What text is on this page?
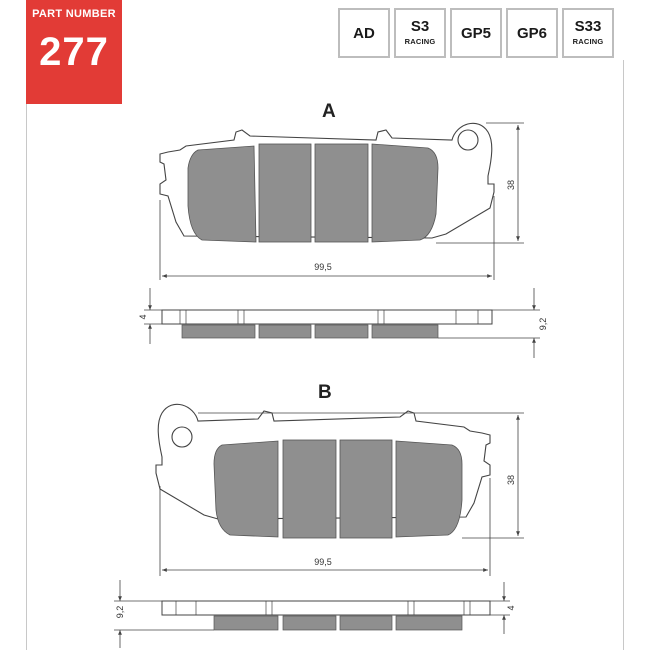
PART NUMBER
277	AD	S3
RACING	GP5	GP6	S33
RACING
A
99,5
38
4
9,2
B
99,5
38
9,2	4
